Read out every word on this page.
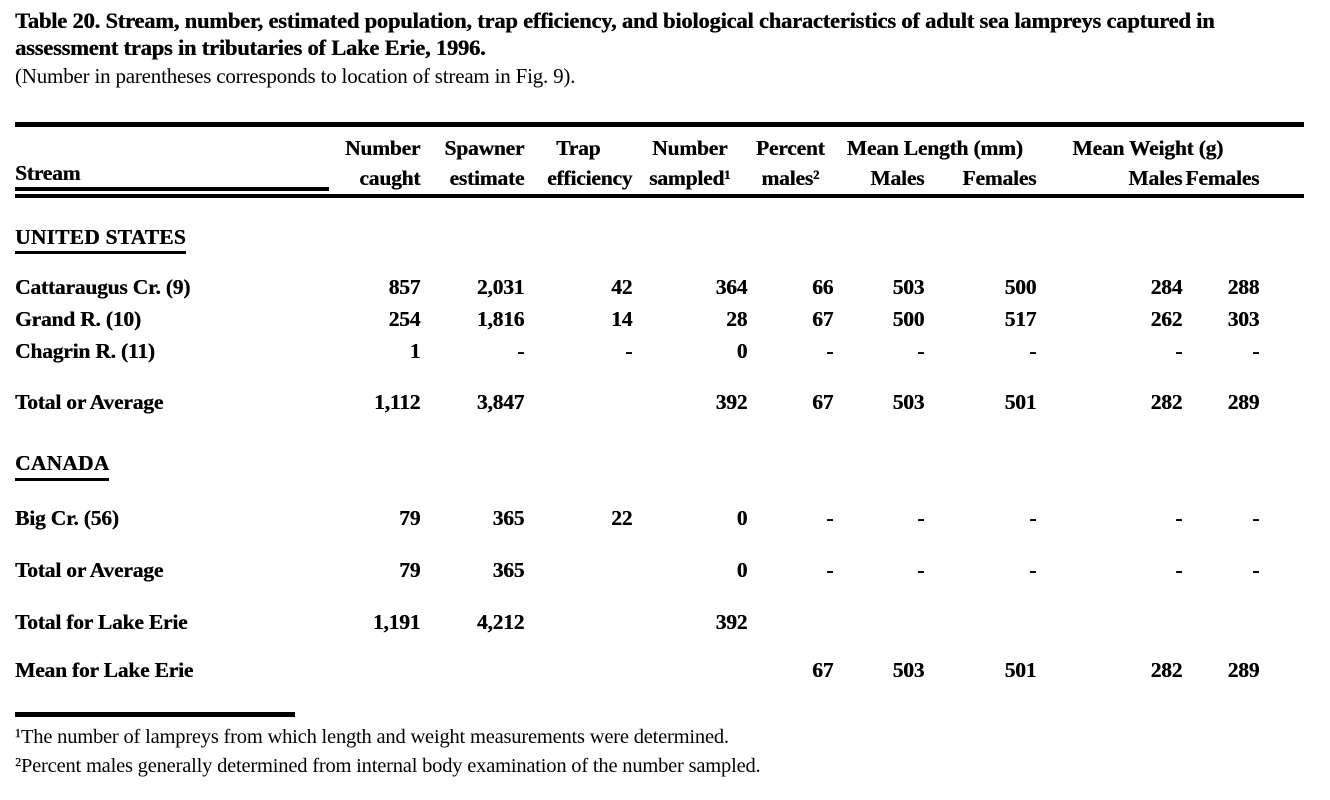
Table 20. Stream, number, estimated population, trap efficiency, and biological characteristics of adult sea lampreys captured in assessment traps in tributaries of Lake Erie, 1996.

(Number in parentheses corresponds to location of stream in Fig. 9).

	Number	Spawner	Trap	Number	Percent	Mean Length (mm)		Mean Weight (g)	
Stream	caught	estimate	efficiency	sampled¹	males²	Males	Females	Males	Females
UNITED STATES									
Cattaraugus Cr. (9)	857	2,031	42	364	66	503	500	284	288
Grand R. (10)	254	1,816	14	28	67	500	517	262	303
Chagrin R. (11)	1	-	-	0	-	-	-	-	-
Total or Average	1,112	3,847		392	67	503	501	282	289
CANADA									
Big Cr. (56)	79	365	22	0	-	-	-	-	-
Total or Average	79	365		0	-	-	-	-	-
Total for Lake Erie	1,191	4,212		392					
Mean for Lake Erie					67	503	501	282	289

¹The number of lampreys from which length and weight measurements were determined.

²Percent males generally determined from internal body examination of the number sampled.
